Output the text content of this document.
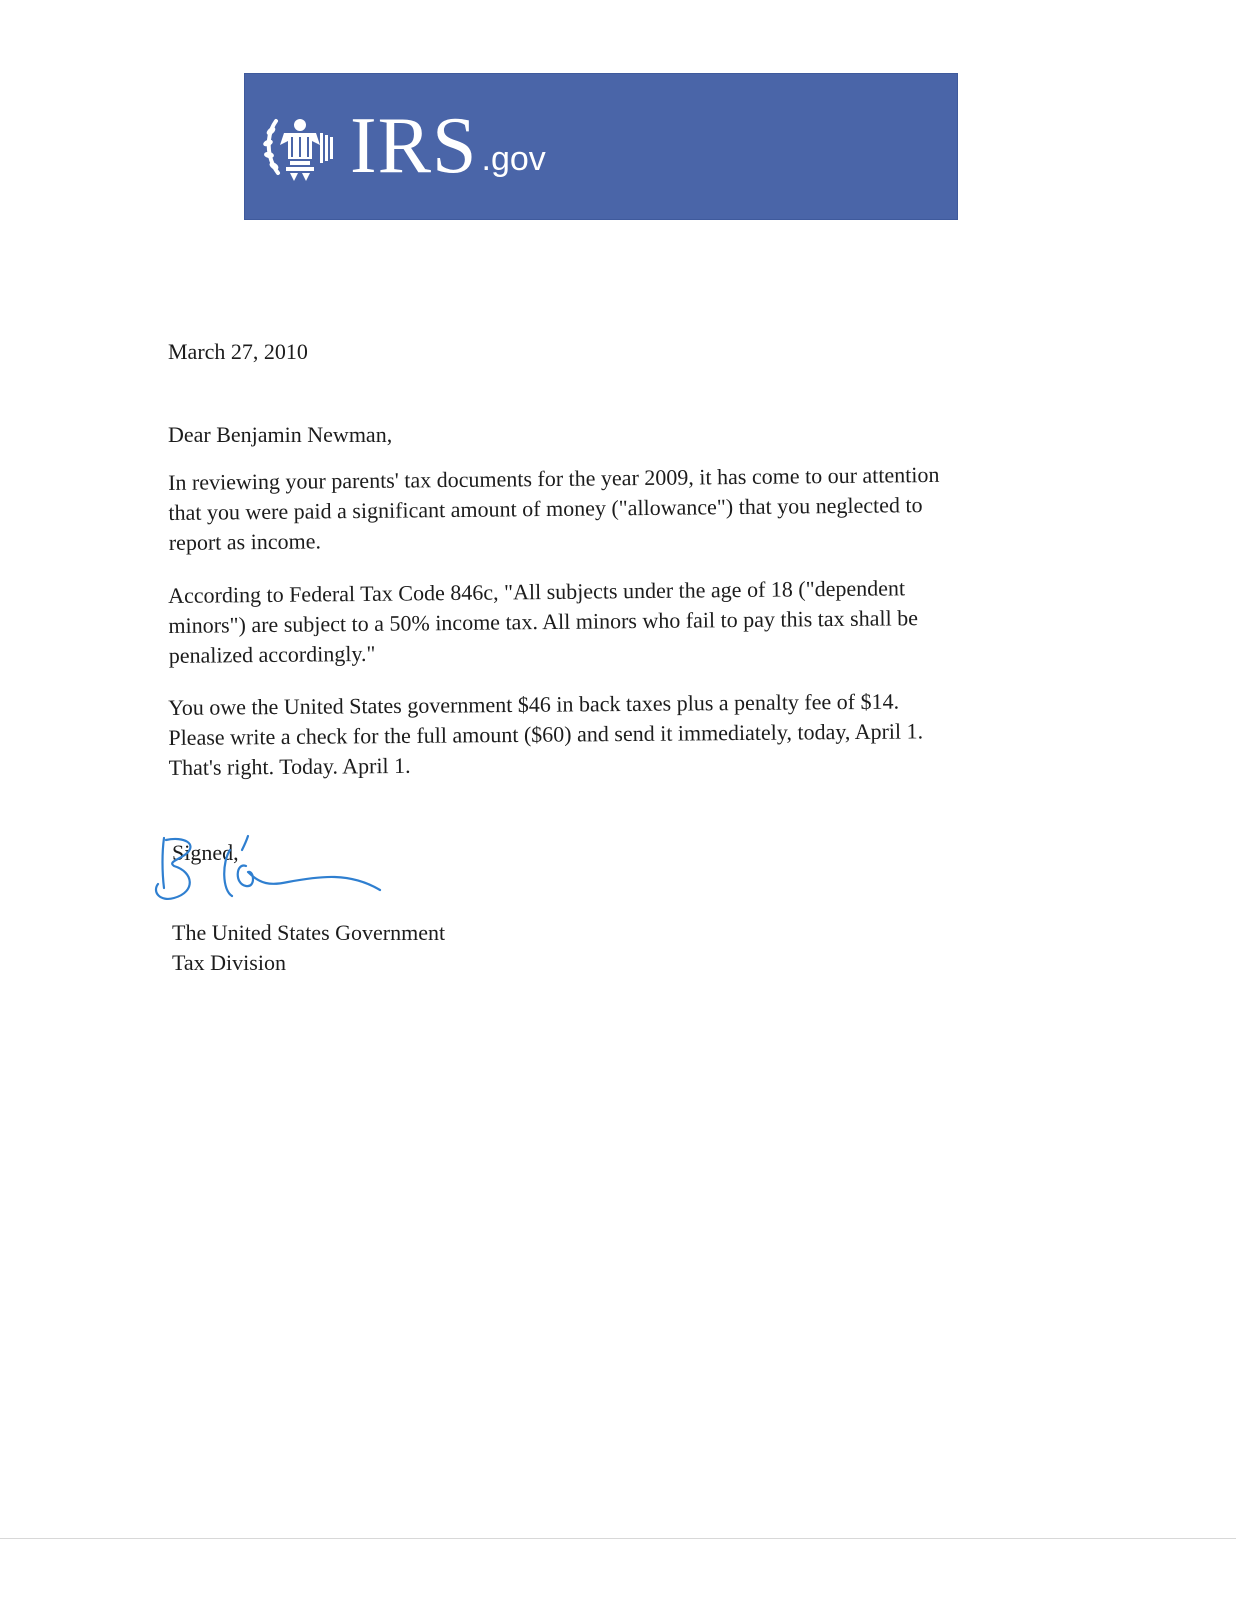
IRS .gov
March 27, 2010
Dear Benjamin Newman,
In reviewing your parents' tax documents for the year 2009, it has come to our attention
that you were paid a significant amount of money ("allowance") that you neglected to
report as income.
According to Federal Tax Code 846c, "All subjects under the age of 18 ("dependent
minors") are subject to a 50% income tax. All minors who fail to pay this tax shall be
penalized accordingly."
You owe the United States government $46 in back taxes plus a penalty fee of $14.
Please write a check for the full amount ($60) and send it immediately, today, April 1.
That's right. Today. April 1.
Signed,
The United States Government
Tax Division
